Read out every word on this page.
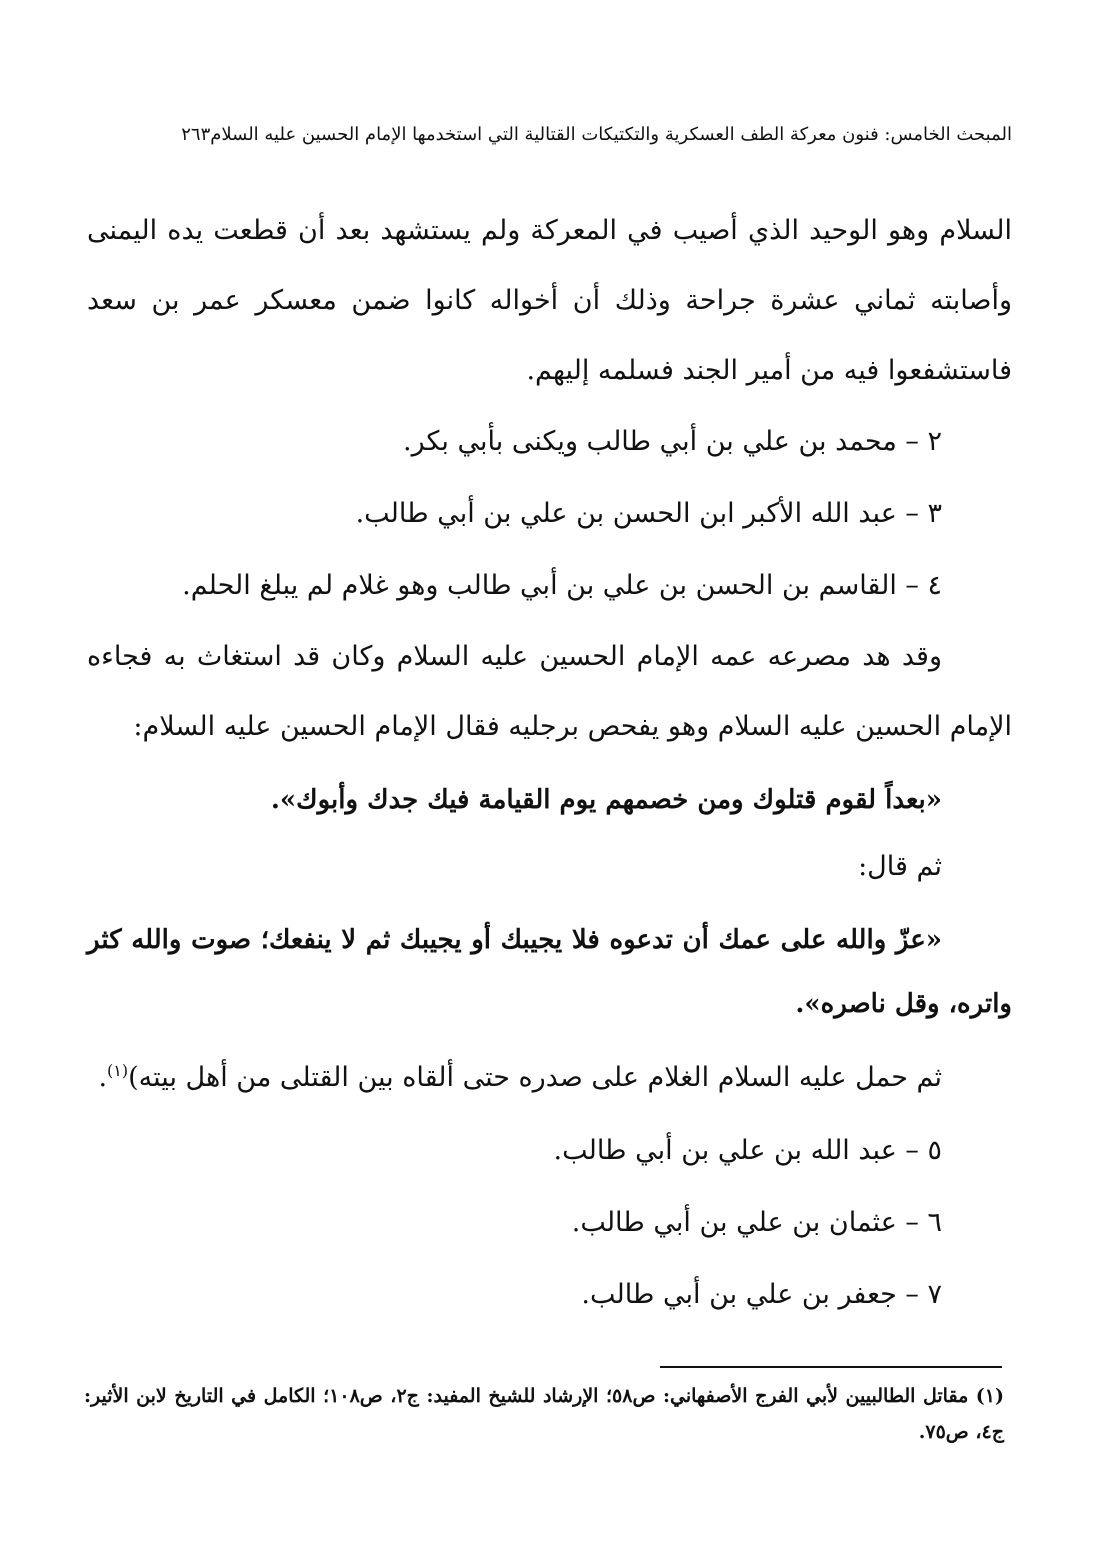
المبحث الخامس: فنون معركة الطف العسكرية والتكتيكات القتالية التي استخدمها الإمام الحسين عليه السلام٢٦٣

السلام وهو الوحيد الذي أصيب في المعركة ولم يستشهد بعد أن قطعت يده اليمنى وأصابته ثماني عشرة جراحة وذلك أن أخواله كانوا ضمن معسكر عمر بن سعد فاستشفعوا فيه من أمير الجند فسلمه إليهم.

٢ – محمد بن علي بن أبي طالب ويكنى بأبي بكر.

٣ – عبد الله الأكبر ابن الحسن بن علي بن أبي طالب.

٤ – القاسم بن الحسن بن علي بن أبي طالب وهو غلام لم يبلغ الحلم.

وقد هد مصرعه عمه الإمام الحسين عليه السلام وكان قد استغاث به فجاءه الإمام الحسين عليه السلام وهو يفحص برجليه فقال الإمام الحسين عليه السلام:

«بعداً لقوم قتلوك ومن خصمهم يوم القيامة فيك جدك وأبوك».

ثم قال:

«عزّ والله على عمك أن تدعوه فلا يجيبك أو يجيبك ثم لا ينفعك؛ صوت والله كثر واتره، وقل ناصره».

ثم حمل عليه السلام الغلام على صدره حتى ألقاه بين القتلى من أهل بيته)$^{(١)}$.

٥ – عبد الله بن علي بن أبي طالب.

٦ – عثمان بن علي بن أبي طالب.

٧ – جعفر بن علي بن أبي طالب.

(١) مقاتل الطالبيين لأبي الفرج الأصفهاني: ص٥٨؛ الإرشاد للشيخ المفيد: ج٢، ص١٠٨؛ الكامل في التاريخ لابن الأثير: ج٤، ص٧٥.
